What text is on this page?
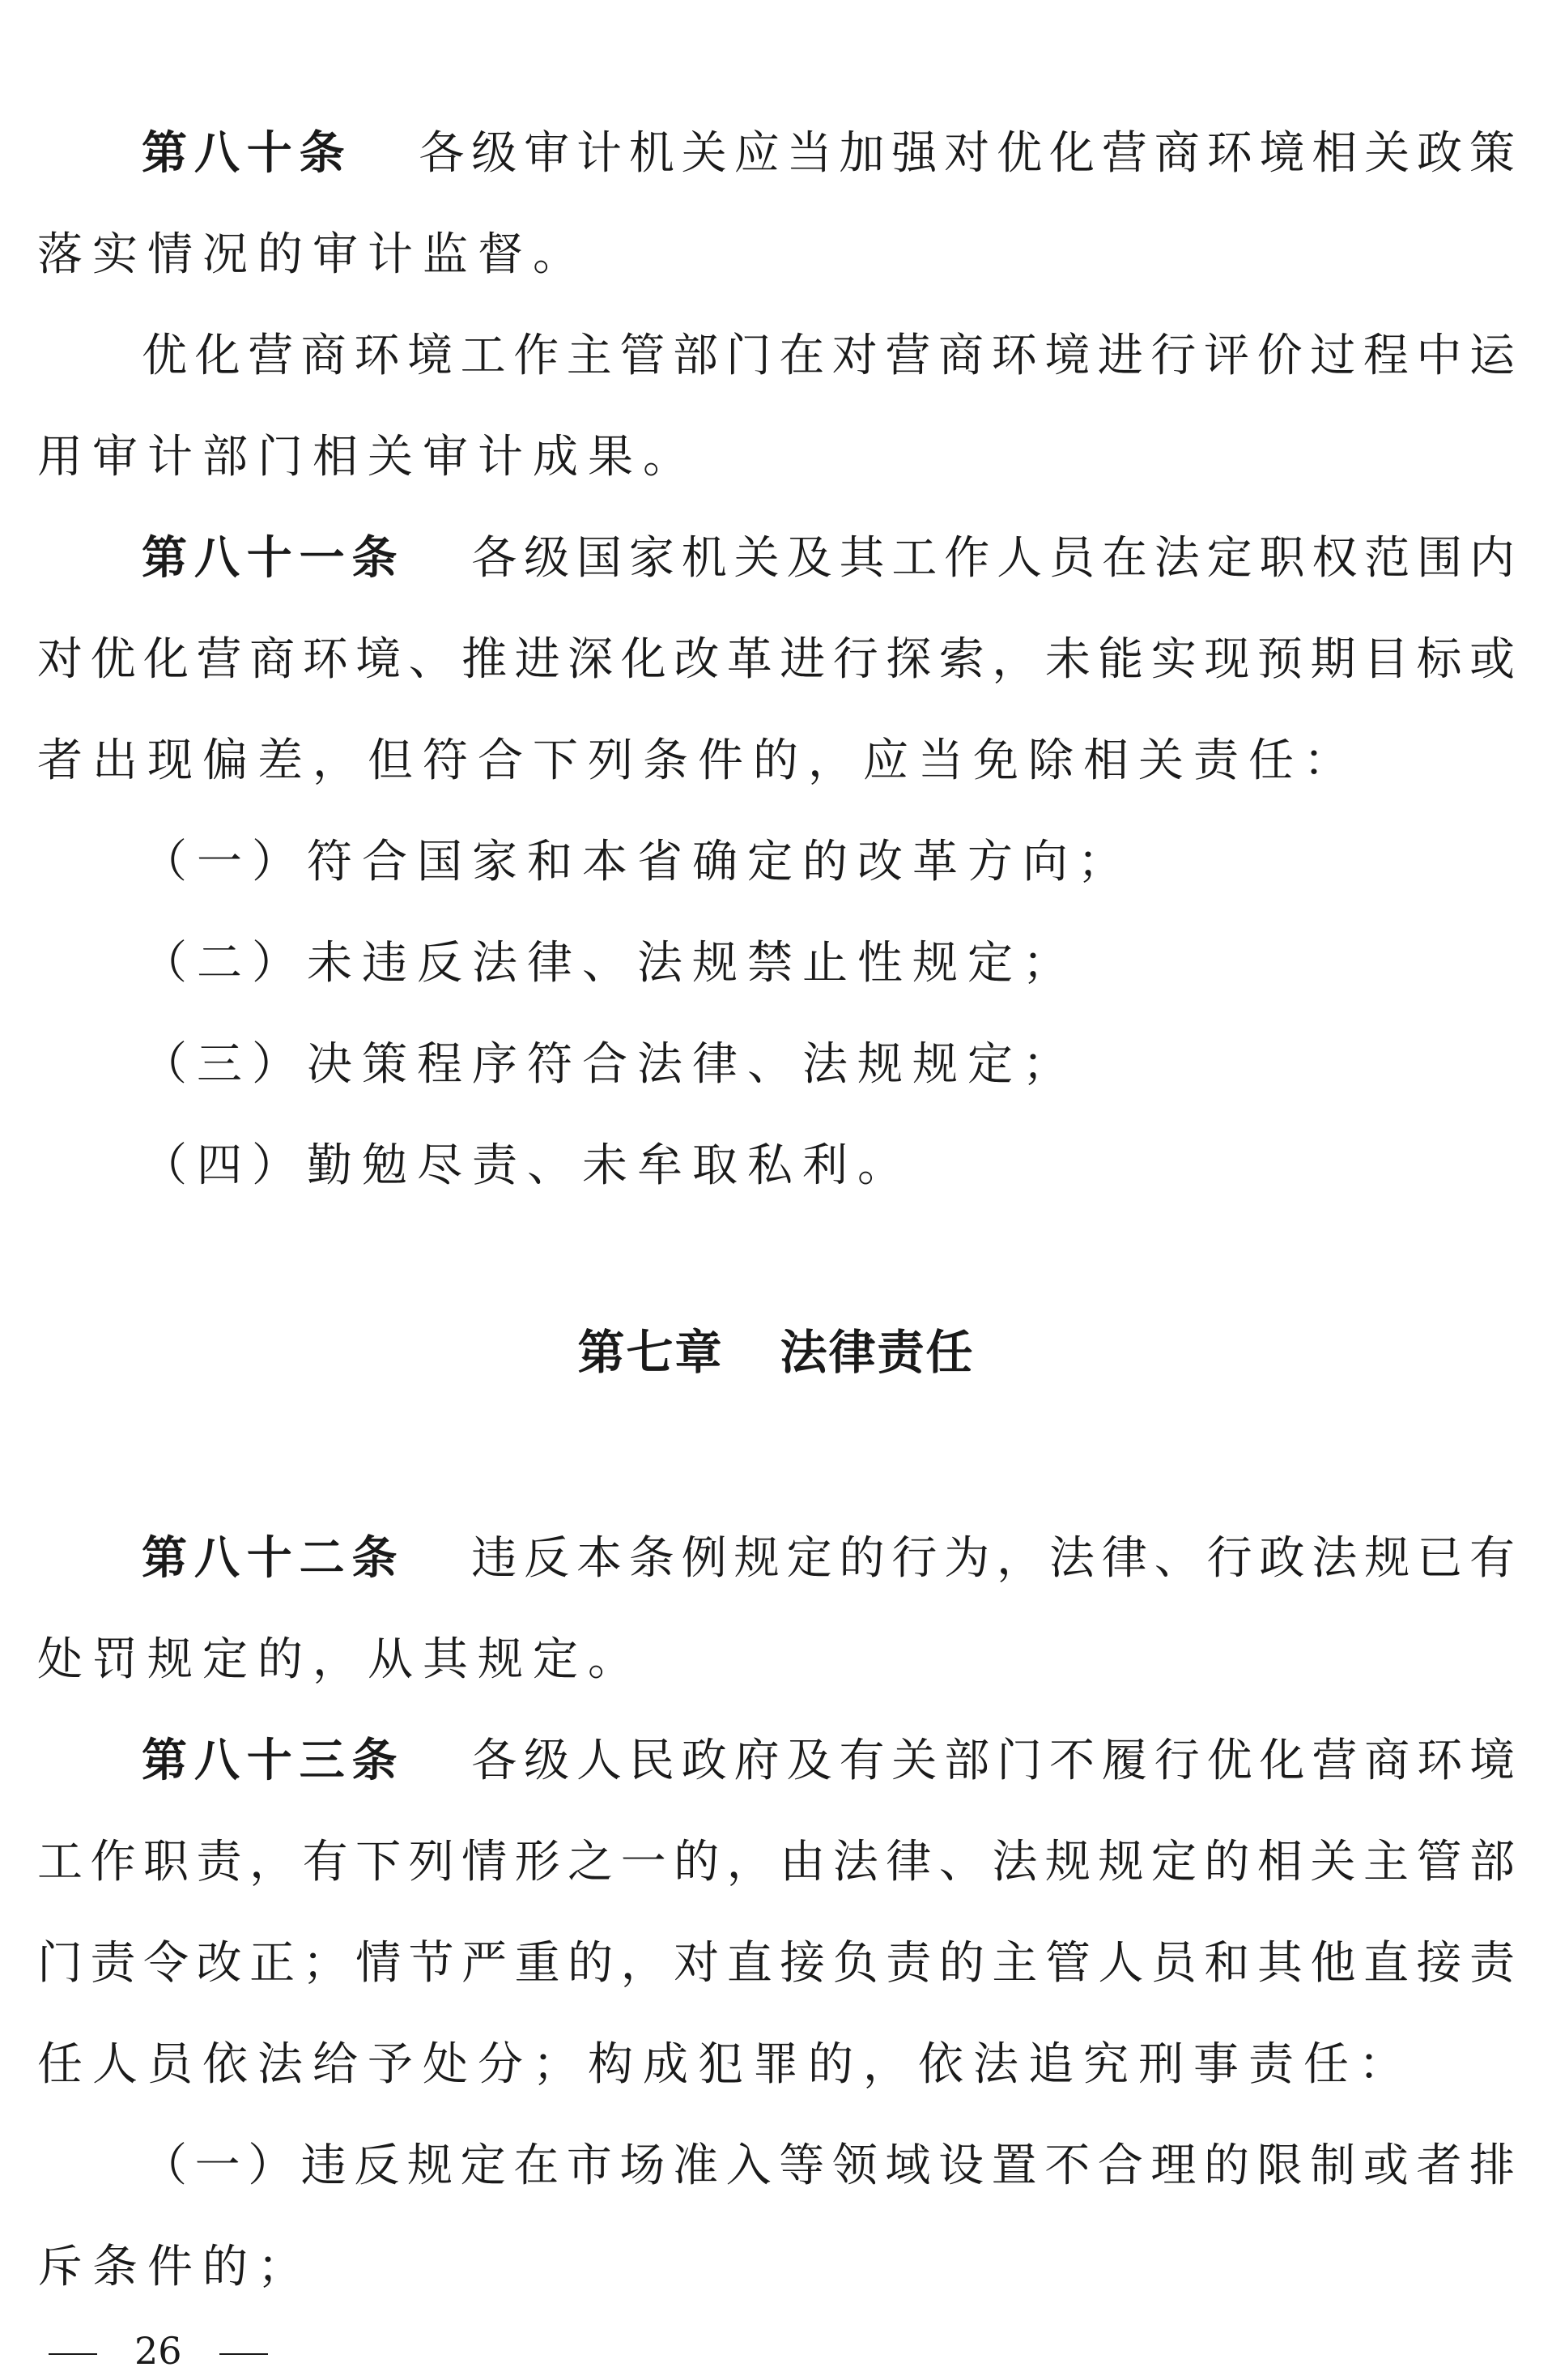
第八十条 各级审计机关应当加强对优化营商环境相关政策
落实情况的审计监督。
优化营商环境工作主管部门在对营商环境进行评价过程中运
用审计部门相关审计成果。
第八十一条 各级国家机关及其工作人员在法定职权范围内
对优化营商环境、推进深化改革进行探索，未能实现预期目标或
者出现偏差，但符合下列条件的，应当免除相关责任：
（一）符合国家和本省确定的改革方向；
（二）未违反法律、法规禁止性规定；
（三）决策程序符合法律、法规规定；
（四）勤勉尽责、未牟取私利。
第七章 法律责任
第八十二条 违反本条例规定的行为，法律、行政法规已有
处罚规定的，从其规定。
第八十三条 各级人民政府及有关部门不履行优化营商环境
工作职责，有下列情形之一的，由法律、法规规定的相关主管部
门责令改正；情节严重的，对直接负责的主管人员和其他直接责
任人员依法给予处分；构成犯罪的，依法追究刑事责任：
（一）违反规定在市场准入等领域设置不合理的限制或者排
斥条件的；
26
